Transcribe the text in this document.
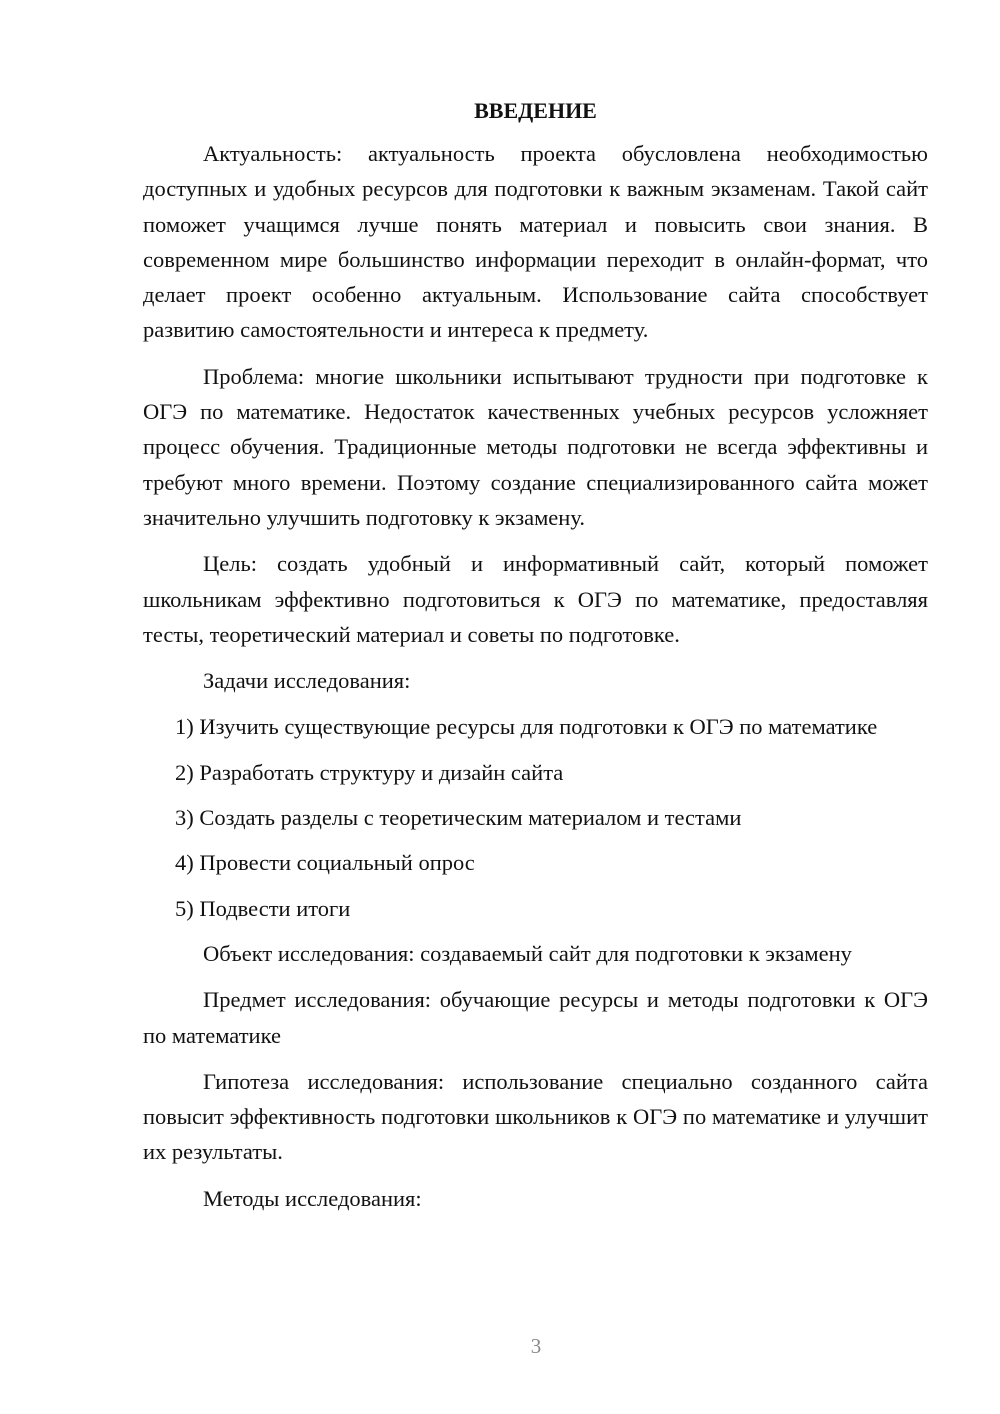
ВВЕДЕНИЕ

Актуальность: актуальность проекта обусловлена необходимостью доступных и удобных ресурсов для подготовки к важным экзаменам. Такой сайт поможет учащимся лучше понять материал и повысить свои знания. В современном мире большинство информации переходит в онлайн-формат, что делает проект особенно актуальным. Использование сайта способствует развитию самостоятельности и интереса к предмету.

Проблема: многие школьники испытывают трудности при подготовке к ОГЭ по математике. Недостаток качественных учебных ресурсов усложняет процесс обучения. Традиционные методы подготовки не всегда эффективны и требуют много времени. Поэтому создание специализированного сайта может значительно улучшить подготовку к экзамену.

Цель: создать удобный и информативный сайт, который поможет школьникам эффективно подготовиться к ОГЭ по математике, предоставляя тесты, теоретический материал и советы по подготовке.

Задачи исследования:

1) Изучить существующие ресурсы для подготовки к ОГЭ по математике

2) Разработать структуру и дизайн сайта

3) Создать разделы с теоретическим материалом и тестами

4) Провести социальный опрос

5) Подвести итоги

Объект исследования: создаваемый сайт для подготовки к экзамену

Предмет исследования: обучающие ресурсы и методы подготовки к ОГЭ по математике

Гипотеза исследования: использование специально созданного сайта повысит эффективность подготовки школьников к ОГЭ по математике и улучшит их результаты.

Методы исследования:

3
